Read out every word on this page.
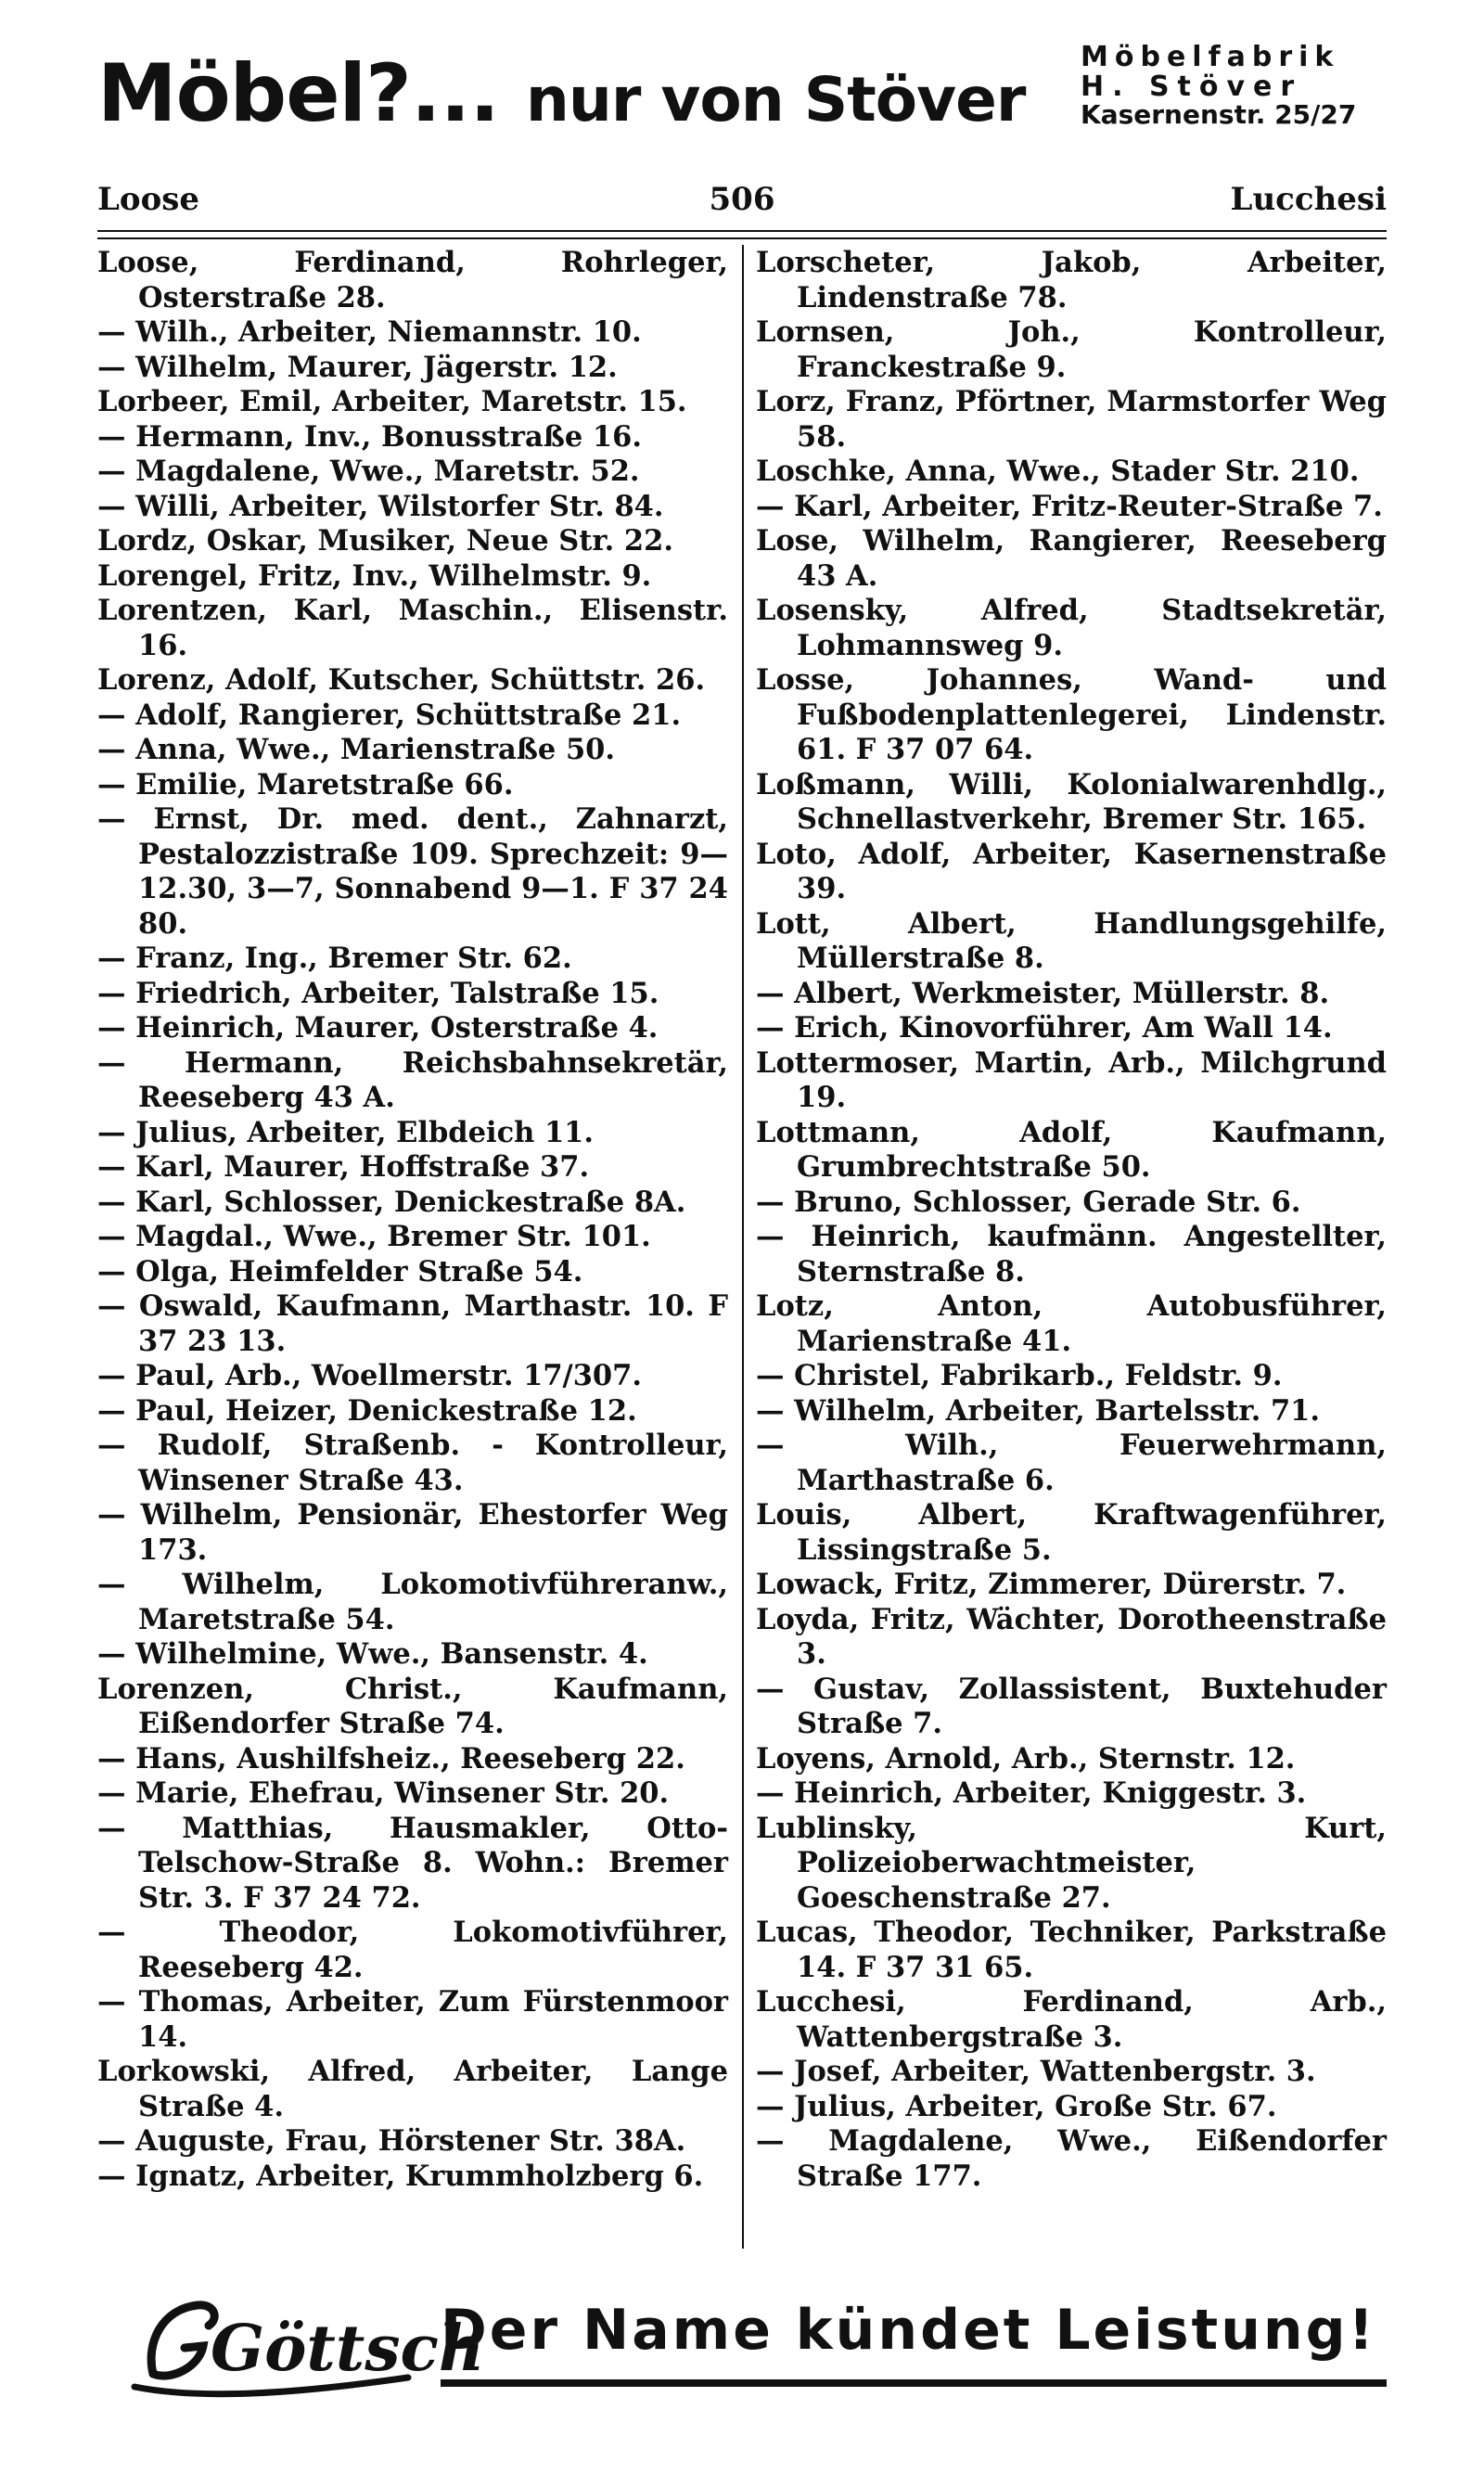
Möbel?... nur von Stöver
Möbelfabrik
H. Stöver
Kasernenstr. 25/27
Loose	506	Lucchesi

Loose, Ferdinand, Rohrleger, Osterstraße 28.

— Wilh., Arbeiter, Niemannstr. 10.

— Wilhelm, Maurer, Jägerstr. 12.

Lorbeer, Emil, Arbeiter, Maretstr. 15.

— Hermann, Inv., Bonusstraße 16.

— Magdalene, Wwe., Maretstr. 52.

— Willi, Arbeiter, Wilstorfer Str. 84.

Lordz, Oskar, Musiker, Neue Str. 22.

Lorengel, Fritz, Inv., Wilhelmstr. 9.

Lorentzen, Karl, Maschin., Elisenstr. 16.

Lorenz, Adolf, Kutscher, Schüttstr. 26.

— Adolf, Rangierer, Schüttstraße 21.

— Anna, Wwe., Marienstraße 50.

— Emilie, Maretstraße 66.

— Ernst, Dr. med. dent., Zahnarzt, Pestalozzistraße 109. Sprechzeit: 9—12.30, 3—7, Sonnabend 9—1. F 37 24 80.

— Franz, Ing., Bremer Str. 62.

— Friedrich, Arbeiter, Talstraße 15.

— Heinrich, Maurer, Osterstraße 4.

— Hermann, Reichsbahnsekretär, Reeseberg 43 A.

— Julius, Arbeiter, Elbdeich 11.

— Karl, Maurer, Hoffstraße 37.

— Karl, Schlosser, Denickestraße 8A.

— Magdal., Wwe., Bremer Str. 101.

— Olga, Heimfelder Straße 54.

— Oswald, Kaufmann, Marthastr. 10. F 37 23 13.

— Paul, Arb., Woellmerstr. 17/307.

— Paul, Heizer, Denickestraße 12.

— Rudolf, Straßenb. - Kontrolleur, Winsener Straße 43.

— Wilhelm, Pensionär, Ehestorfer Weg 173.

— Wilhelm, Lokomotivführeranw., Maretstraße 54.

— Wilhelmine, Wwe., Bansenstr. 4.

Lorenzen, Christ., Kaufmann, Eißendorfer Straße 74.

— Hans, Aushilfsheiz., Reeseberg 22.

— Marie, Ehefrau, Winsener Str. 20.

— Matthias, Hausmakler, Otto-Telschow-Straße 8. Wohn.: Bremer Str. 3. F 37 24 72.

— Theodor, Lokomotivführer, Reeseberg 42.

— Thomas, Arbeiter, Zum Fürstenmoor 14.

Lorkowski, Alfred, Arbeiter, Lange Straße 4.

— Auguste, Frau, Hörstener Str. 38A.

— Ignatz, Arbeiter, Krummholzberg 6.

Lorscheter, Jakob, Arbeiter, Lindenstraße 78.

Lornsen, Joh., Kontrolleur, Franckestraße 9.

Lorz, Franz, Pförtner, Marmstorfer Weg 58.

Loschke, Anna, Wwe., Stader Str. 210.

— Karl, Arbeiter, Fritz-Reuter-Straße 7.

Lose, Wilhelm, Rangierer, Reeseberg 43 A.

Losensky, Alfred, Stadtsekretär, Lohmannsweg 9.

Losse, Johannes, Wand- und Fußbodenplattenlegerei, Lindenstr. 61. F 37 07 64.

Loßmann, Willi, Kolonialwarenhdlg., Schnellastverkehr, Bremer Str. 165.

Loto, Adolf, Arbeiter, Kasernenstraße 39.

Lott, Albert, Handlungsgehilfe, Müllerstraße 8.

— Albert, Werkmeister, Müllerstr. 8.

— Erich, Kinovorführer, Am Wall 14.

Lottermoser, Martin, Arb., Milchgrund 19.

Lottmann, Adolf, Kaufmann, Grumbrechtstraße 50.

— Bruno, Schlosser, Gerade Str. 6.

— Heinrich, kaufmänn. Angestellter, Sternstraße 8.

Lotz, Anton, Autobusführer, Marienstraße 41.

— Christel, Fabrikarb., Feldstr. 9.

— Wilhelm, Arbeiter, Bartelsstr. 71.

— Wilh., Feuerwehrmann, Marthastraße 6.

Louis, Albert, Kraftwagenführer, Lissingstraße 5.

Lowack, Fritz, Zimmerer, Dürerstr. 7.

Loyda, Fritz, Wächter, Dorotheenstraße 3.

— Gustav, Zollassistent, Buxtehuder Straße 7.

Loyens, Arnold, Arb., Sternstr. 12.

— Heinrich, Arbeiter, Kniggestr. 3.

Lublinsky, Kurt, Polizeioberwachtmeister, Goeschenstraße 27.

Lucas, Theodor, Techniker, Parkstraße 14. F 37 31 65.

Lucchesi, Ferdinand, Arb., Wattenbergstraße 3.

— Josef, Arbeiter, Wattenbergstr. 3.

— Julius, Arbeiter, Große Str. 67.

— Magdalene, Wwe., Eißendorfer Straße 177.

Göttsch
Der Name kündet Leistung!
